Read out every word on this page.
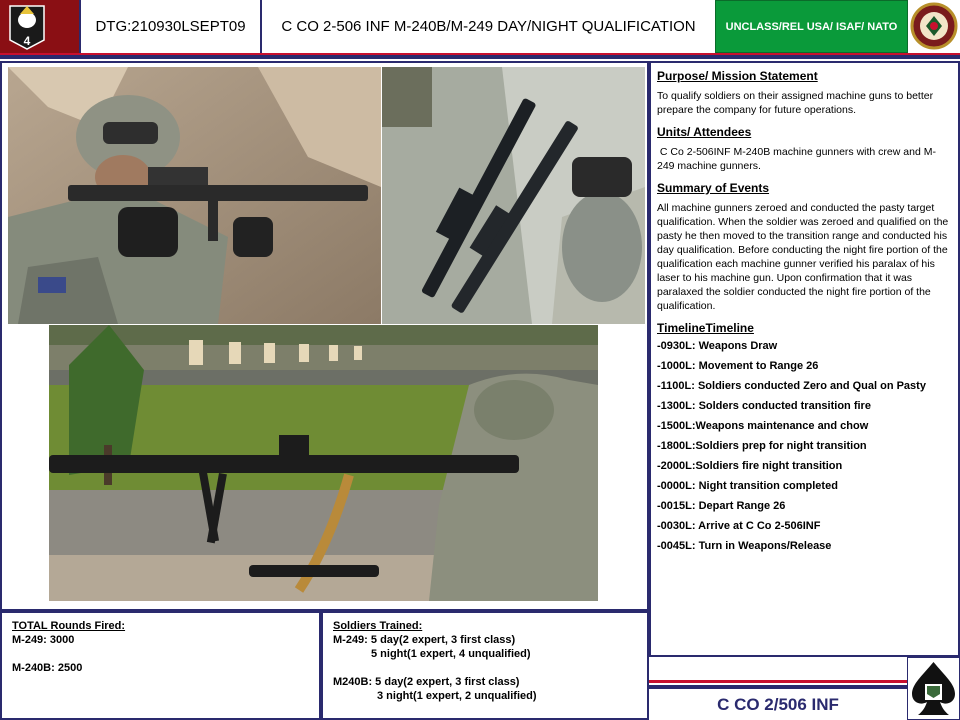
4
DTG:210930LSEPT09	C CO 2-506 INF M-240B/M-249 DAY/NIGHT QUALIFICATION	UNCLASS/REL USA/ ISAF/ NATO
Purpose/ Mission Statement
To qualify soldiers on their assigned machine guns to better prepare the company for future operations.
Units/ Attendees
C Co 2-506INF M-240B machine gunners with crew and M-249 machine gunners.
Summary of Events
All machine gunners zeroed and conducted the pasty target qualification. When the soldier was zeroed and qualified on the pasty he then moved to the transition range and conducted his day qualification. Before conducting the night fire portion of the qualification each machine gunner verified his paralax of his laser to his machine gun. Upon confirmation that it was paralaxed the soldier conducted the night fire portion of the qualification.
TimelineTimeline
-0930L: Weapons Draw
-1000L: Movement to Range 26
-1100L: Soldiers conducted Zero and Qual on Pasty
-1300L: Solders conducted transition fire
-1500L:Weapons maintenance and chow
-1800L:Soldiers prep for night transition
-2000L:Soldiers fire night transition
-0000L: Night transition completed
-0015L: Depart Range 26
-0030L: Arrive at C Co 2-506INF
-0045L: Turn in Weapons/Release
TOTAL Rounds Fired:
M-249: 3000
M-240B: 2500
Soldiers Trained:
M-249: 5 day(2 expert, 3 first class)
5 night(1 expert, 4 unqualified)
M240B: 5 day(2 expert, 3 first class)
3 night(1 expert, 2 unqualified)	C CO 2/506 INF
